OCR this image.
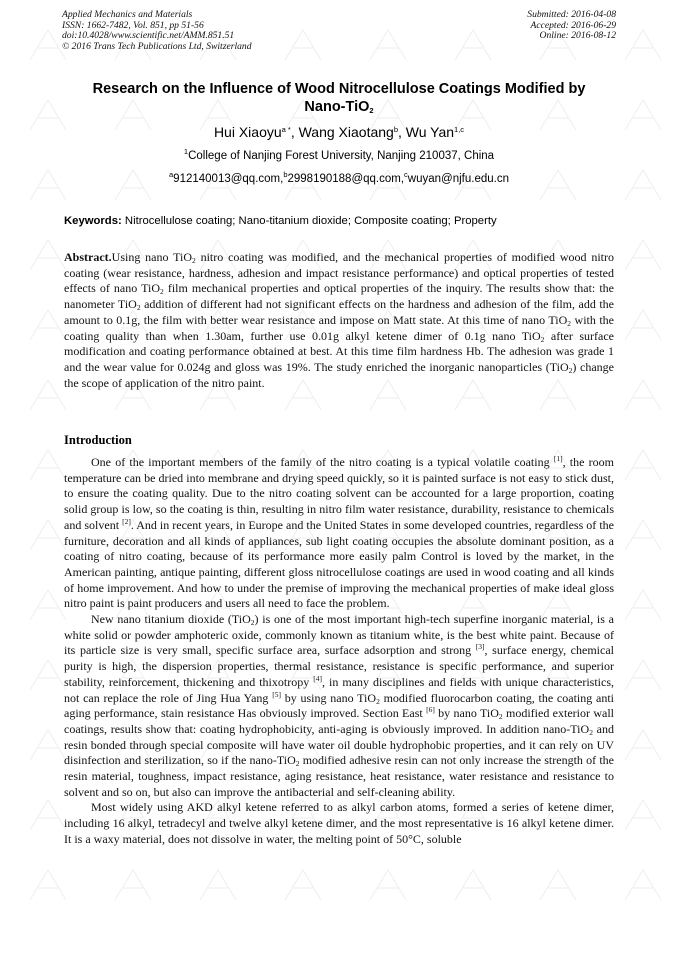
Applied Mechanics and Materials
ISSN: 1662-7482, Vol. 851, pp 51-56
doi:10.4028/www.scientific.net/AMM.851.51
© 2016 Trans Tech Publications Ltd, Switzerland
Submitted: 2016-04-08
Accepted: 2016-06-29
Online: 2016-08-12
Research on the Influence of Wood Nitrocellulose Coatings Modified by
Nano-TiO$_2$
Hui Xiaoyu$^{a *}$, Wang Xiaotang$^b$, Wu Yan$^{1,c}$
$^1$College of Nanjing Forest University, Nanjing 210037, China
$^a$912140013@qq.com,$^b$2998190188@qq.com,$^c$wuyan@njfu.edu.cn
Keywords: Nitrocellulose coating; Nano-titanium dioxide; Composite coating; Property
Abstract.Using nano TiO$_2$ nitro coating was modified, and the mechanical properties of modified wood nitro coating (wear resistance, hardness, adhesion and impact resistance performance) and optical properties of tested effects of nano TiO$_2$ film mechanical properties and optical properties of the inquiry. The results show that: the nanometer TiO$_2$ addition of different had not significant effects on the hardness and adhesion of the film, add the amount to 0.1g, the film with better wear resistance and impose on Matt state. At this time of nano TiO$_2$ with the coating quality than when 1.30am, further use 0.01g alkyl ketene dimer of 0.1g nano TiO$_2$ after surface modification and coating performance obtained at best. At this time film hardness Hb. The adhesion was grade 1 and the wear value for 0.024g and gloss was 19%. The study enriched the inorganic nanoparticles (TiO$_2$) change the scope of application of the nitro paint.
Introduction

One of the important members of the family of the nitro coating is a typical volatile coating [1], the room temperature can be dried into membrane and drying speed quickly, so it is painted surface is not easy to stick dust, to ensure the coating quality. Due to the nitro coating solvent can be accounted for a large proportion, coating solid group is low, so the coating is thin, resulting in nitro film water resistance, durability, resistance to chemicals and solvent [2]. And in recent years, in Europe and the United States in some developed countries, regardless of the furniture, decoration and all kinds of appliances, sub light coating occupies the absolute dominant position, as a coating of nitro coating, because of its performance more easily palm Control is loved by the market, in the American painting, antique painting, different gloss nitrocellulose coatings are used in wood coating and all kinds of home improvement. And how to under the premise of improving the mechanical properties of make ideal gloss nitro paint is paint producers and users all need to face the problem.

New nano titanium dioxide (TiO$_2$) is one of the most important high-tech superfine inorganic material, is a white solid or powder amphoteric oxide, commonly known as titanium white, is the best white paint. Because of its particle size is very small, specific surface area, surface adsorption and strong [3], surface energy, chemical purity is high, the dispersion properties, thermal resistance, resistance is specific performance, and superior stability, reinforcement, thickening and thixotropy [4], in many disciplines and fields with unique characteristics, not can replace the role of Jing Hua Yang [5] by using nano TiO$_2$ modified fluorocarbon coating, the coating anti aging performance, stain resistance Has obviously improved. Section East [6] by nano TiO$_2$ modified exterior wall coatings, results show that: coating hydrophobicity, anti-aging is obviously improved. In addition nano-TiO$_2$ and resin bonded through special composite will have water oil double hydrophobic properties, and it can rely on UV disinfection and sterilization, so if the nano-TiO$_2$ modified adhesive resin can not only increase the strength of the resin material, toughness, impact resistance, aging resistance, heat resistance, water resistance and resistance to solvent and so on, but also can improve the antibacterial and self-cleaning ability.

Most widely using AKD alkyl ketene referred to as alkyl carbon atoms, formed a series of ketene dimer, including 16 alkyl, tetradecyl and twelve alkyl ketene dimer, and the most representative is 16 alkyl ketene dimer. It is a waxy material, does not dissolve in water, the melting point of 50°C, soluble
